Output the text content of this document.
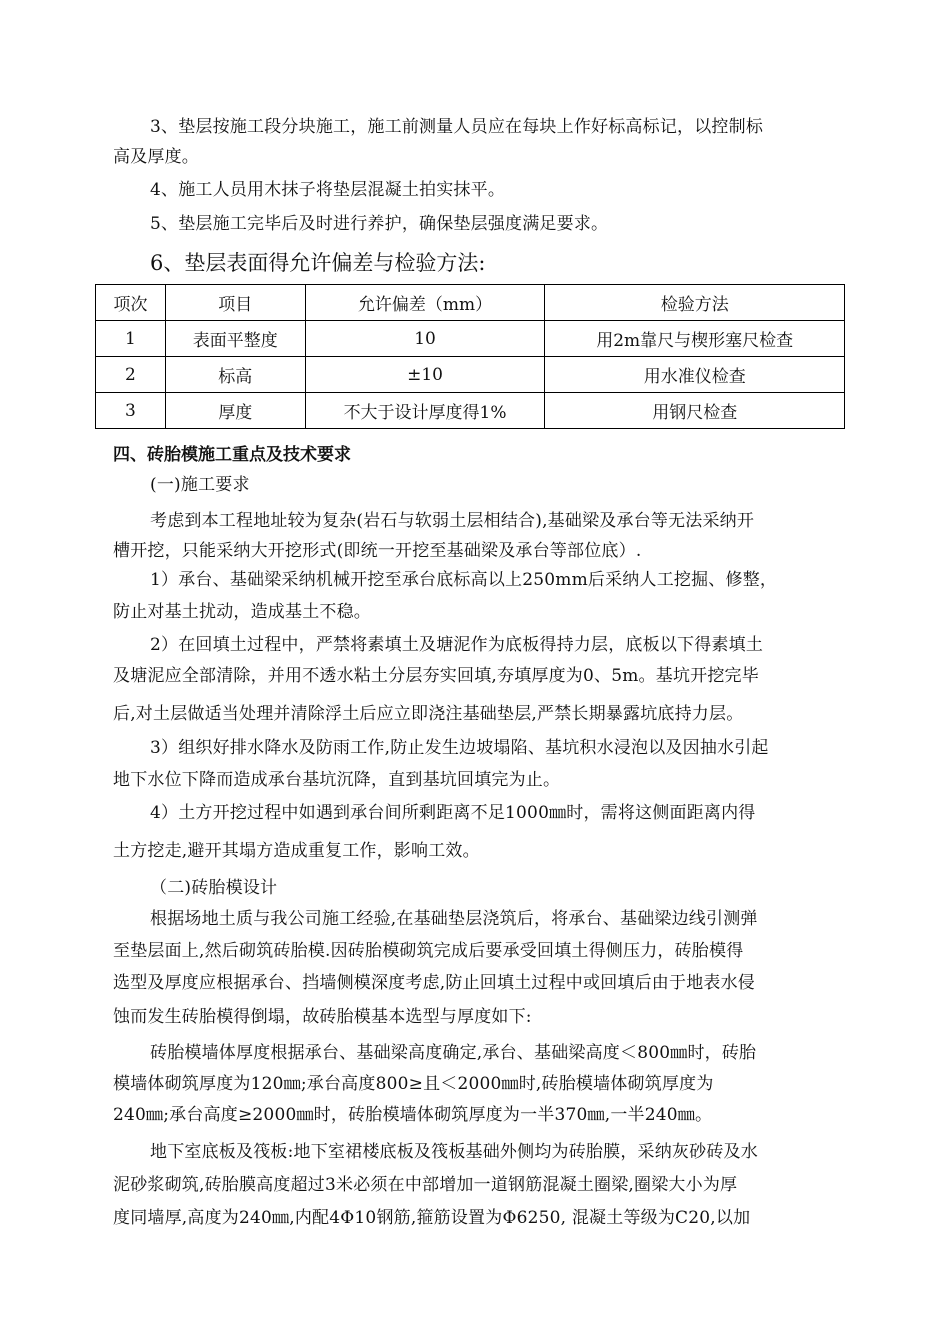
3、垫层按施工段分块施工，施工前测量人员应在每块上作好标高标记，以控制标
高及厚度。
4、施工人员用木抹子将垫层混凝土拍实抹平。
5、垫层施工完毕后及时进行养护，确保垫层强度满足要求。
6、垫层表面得允许偏差与检验方法:
项次	项目	允许偏差（mm）	检验方法
1	表面平整度	10	用2m靠尺与楔形塞尺检查
2	标高	±10	用水准仪检查
3	厚度	不大于设计厚度得1%	用钢尺检查
四、砖胎模施工重点及技术要求
(一)施工要求
考虑到本工程地址较为复杂(岩石与软弱土层相结合),基础梁及承台等无法采纳开
槽开挖，只能采纳大开挖形式(即统一开挖至基础梁及承台等部位底）.
1）承台、基础梁采纳机械开挖至承台底标高以上250mm后采纳人工挖掘、修整，
防止对基土扰动，造成基土不稳。
2）在回填土过程中，严禁将素填土及塘泥作为底板得持力层，底板以下得素填土
及塘泥应全部清除，并用不透水粘土分层夯实回填,夯填厚度为0、5m。基坑开挖完毕
后,对土层做适当处理并清除浮土后应立即浇注基础垫层,严禁长期暴露坑底持力层。
3）组织好排水降水及防雨工作,防止发生边坡塌陷、基坑积水浸泡以及因抽水引起
地下水位下降而造成承台基坑沉降，直到基坑回填完为止。
4）土方开挖过程中如遇到承台间所剩距离不足1000㎜时，需将这侧面距离内得
土方挖走,避开其塌方造成重复工作，影响工效。
（二)砖胎模设计
根据场地土质与我公司施工经验,在基础垫层浇筑后，将承台、基础梁边线引测弹
至垫层面上,然后砌筑砖胎模.因砖胎模砌筑完成后要承受回填土得侧压力，砖胎模得
选型及厚度应根据承台、挡墙侧模深度考虑,防止回填土过程中或回填后由于地表水侵
蚀而发生砖胎模得倒塌，故砖胎模基本选型与厚度如下:
砖胎模墙体厚度根据承台、基础梁高度确定,承台、基础梁高度＜800㎜时，砖胎
模墙体砌筑厚度为120㎜;承台高度800≥且＜2000㎜时,砖胎模墙体砌筑厚度为
240㎜;承台高度≥2000㎜时，砖胎模墙体砌筑厚度为一半370㎜,一半240㎜。
地下室底板及筏板:地下室裙楼底板及筏板基础外侧均为砖胎膜，采纳灰砂砖及水
泥砂浆砌筑,砖胎膜高度超过3米必须在中部增加一道钢筋混凝土圈梁,圈梁大小为厚
度同墙厚,高度为240㎜,内配4Φ10钢筋,箍筋设置为Φ6250, 混凝土等级为C20,以加
